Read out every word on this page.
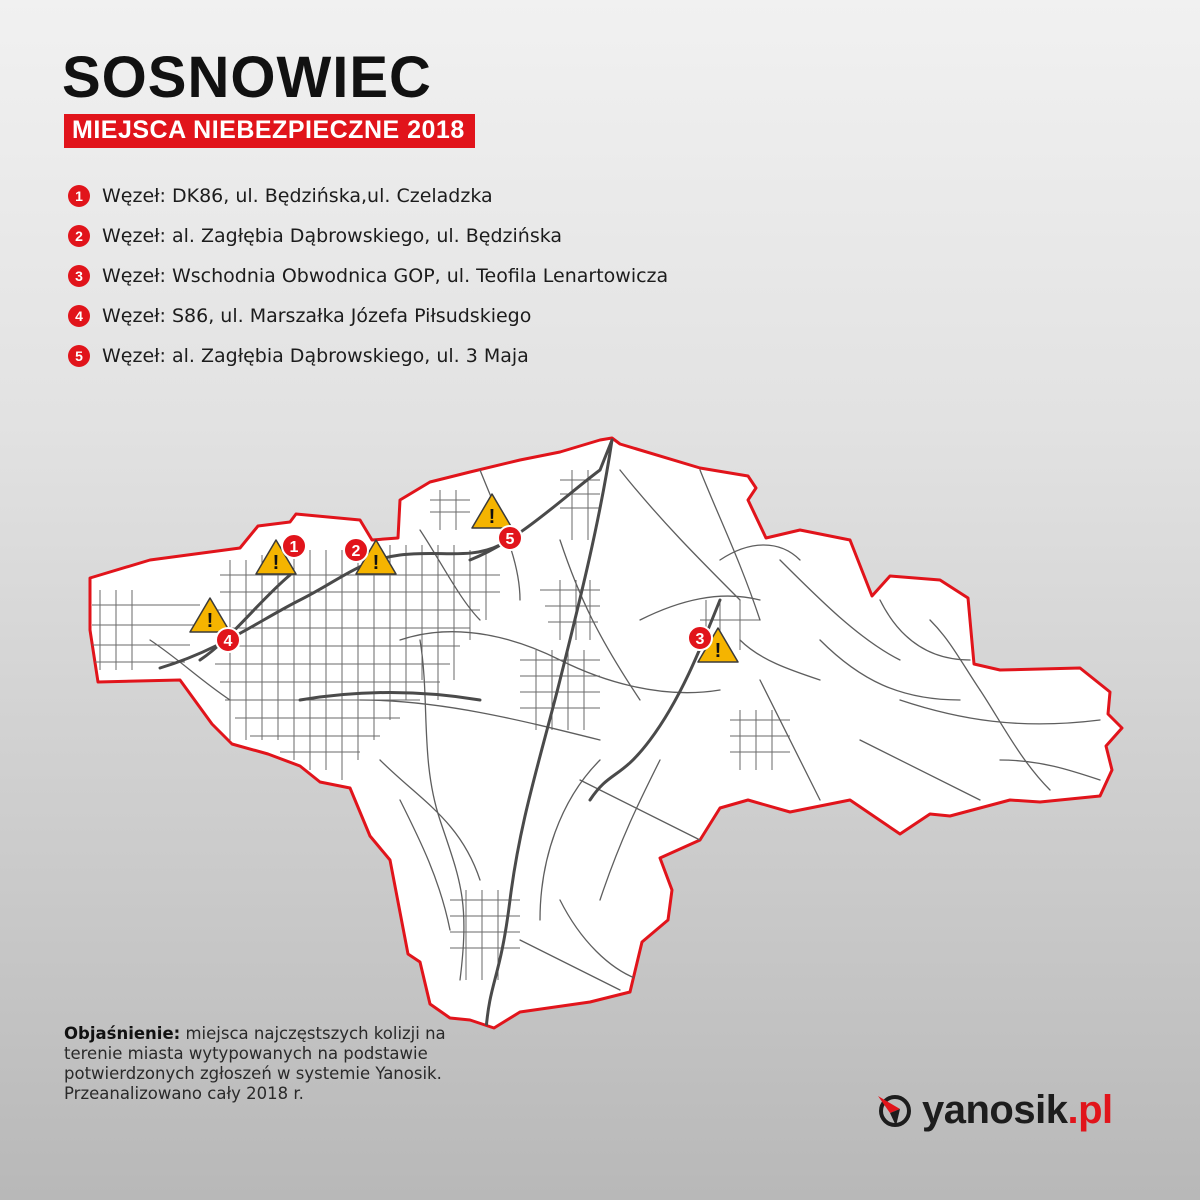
SOSNOWIEC
MIEJSCA NIEBEZPIECZNE 2018
1	Węzeł: DK86, ul. Będzińska,ul. Czeladzka
2	Węzeł: al. Zagłębia Dąbrowskiego, ul. Będzińska
3	Węzeł: Wschodnia Obwodnica GOP, ul. Teofila Lenartowicza
4	Węzeł: S86, ul. Marszałka Józefa Piłsudskiego
5	Węzeł: al. Zagłębia Dąbrowskiego, ul. 3 Maja
!
1
!
2
!
3
!
4
!
5
Objaśnienie: miejsca najczęstszych kolizji na terenie miasta wytypowanych na podstawie potwierdzonych zgłoszeń w systemie Yanosik. Przeanalizowano cały 2018 r.	yanosik.pl
